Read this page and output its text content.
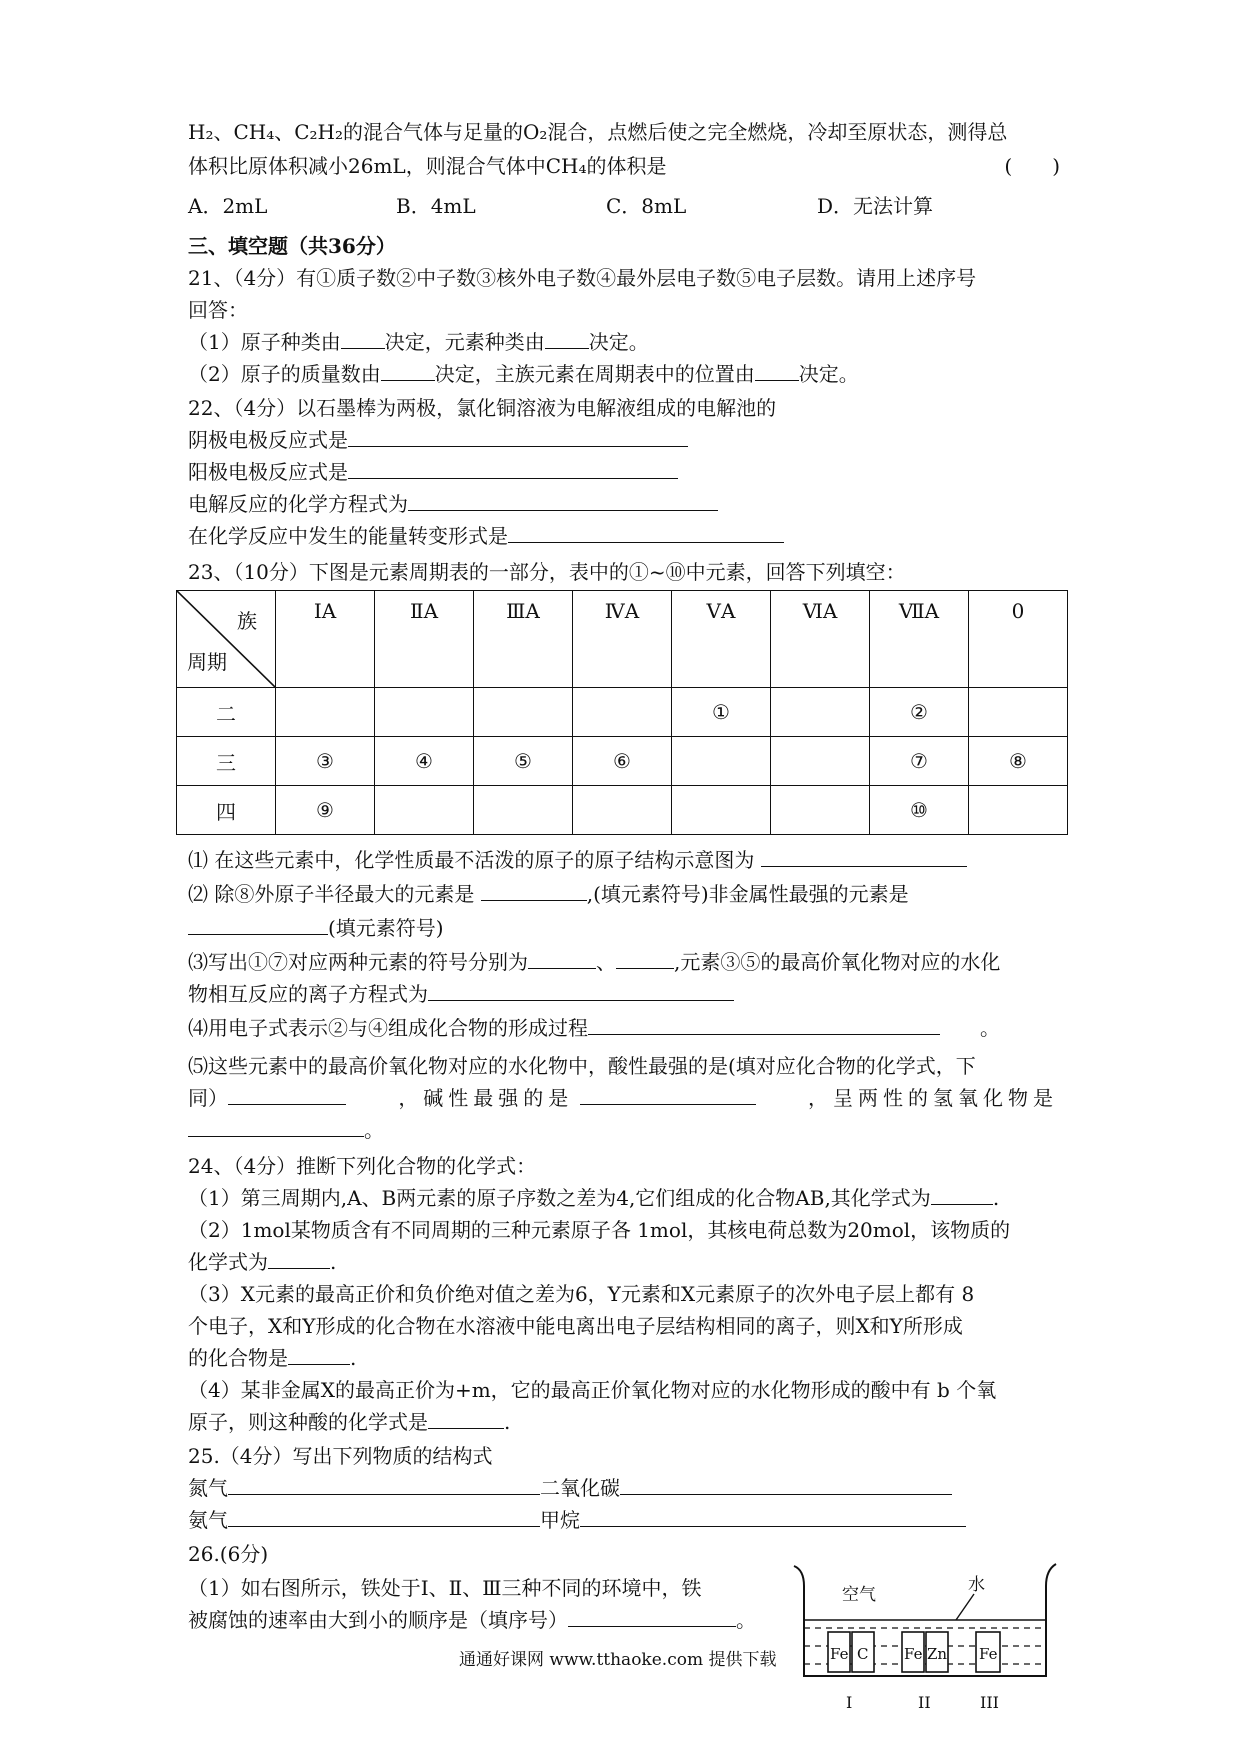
H₂、CH₄、C₂H₂的混合气体与足量的O₂混合，点燃后使之完全燃烧，冷却至原状态，测得总
体积比原体积减小26mL，则混合气体中CH₄的体积是	(　　)
A．2mL	B．4mL	C．8mL	D．无法计算
三、填空题（共36分）
21、（4分）有①质子数②中子数③核外电子数④最外层电子数⑤电子层数。请用上述序号
回答：
（1）原子种类由 决定，元素种类由 决定。
（2）原子的质量数由	决定，主族元素在周期表中的位置由 决定。
22、（4分）以石墨棒为两极，氯化铜溶液为电解液组成的电解池的
阴极电极反应式是
阳极电极反应式是
电解反应的化学方程式为
在化学反应中发生的能量转变形式是
23、（10分）下图是元素周期表的一部分，表中的①~⑩中元素，回答下列填空：
族
周期	ⅠA	ⅡA	ⅢA	ⅣA	ⅤA	ⅥA	ⅦA	0

二					①		②	
三	③	④	⑤	⑥			⑦	⑧
四	⑨						⑩	
⑴ 在这些元素中，化学性质最不活泼的原子的原子结构示意图为
⑵ 除⑧外原子半径最大的元素是	,(填元素符号)非金属性最强的元素是
(填元素符号)
⑶写出①⑦对应两种元素的符号分别为	、	,元素③⑤的最高价氧化物对应的水化
物相互反应的离子方程式为
⑷用电子式表示②与④组成化合物的形成过程　　	。
⑸这些元素中的最高价氧化物对应的水化物中，酸性最强的是(填对应化合物的化学式，下
同）	，碱性最强的是	，呈两性的氢氧化物是
。
24、（4分）推断下列化合物的化学式：
（1）第三周期内,A、B两元素的原子序数之差为4,它们组成的化合物AB,其化学式为	.
（2）1mol某物质含有不同周期的三种元素原子各 1mol，其核电荷总数为20mol，该物质的
化学式为	.
（3）X元素的最高正价和负价绝对值之差为6，Y元素和X元素原子的次外电子层上都有 8
个电子，X和Y形成的化合物在水溶液中能电离出电子层结构相同的离子，则X和Y所形成
的化合物是	.
（4）某非金属X的最高正价为+m，它的最高正价氧化物对应的水化物形成的酸中有 b 个氧
原子，则这种酸的化学式是	.
25.（4分）写出下列物质的结构式
氮气	二氧化碳
氨气	甲烷
26.(6分)
（1）如右图所示，铁处于Ⅰ、Ⅱ、Ⅲ三种不同的环境中，铁
被腐蚀的速率由大到小的顺序是（填序号）	。
空气	水
Fe C Fe Zn Fe
I	II	III
通通好课网 www.tthaoke.com 提供下载
